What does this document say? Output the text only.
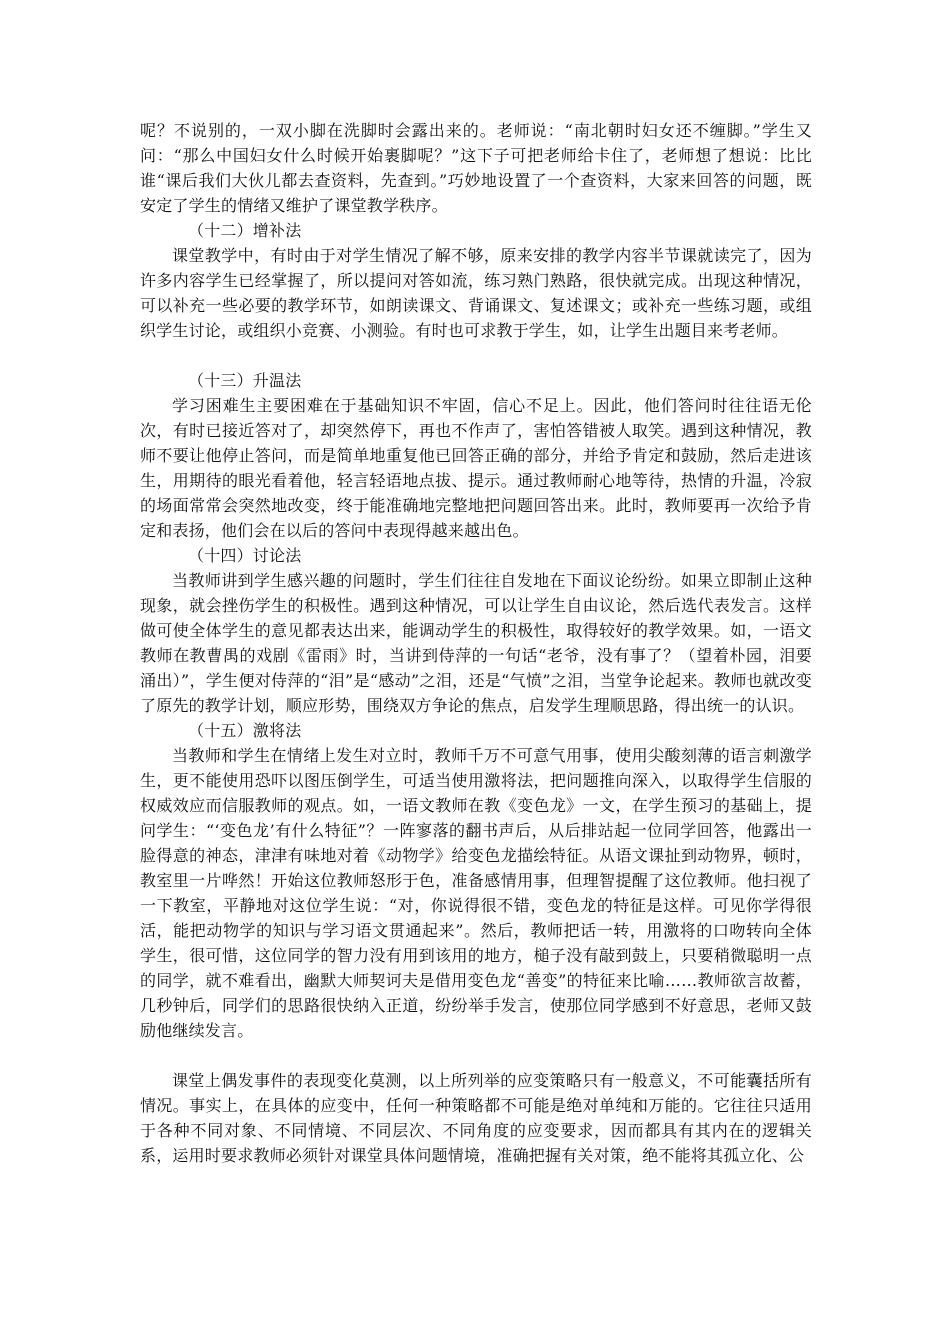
呢？不说别的，一双小脚在洗脚时会露出来的。老师说：“南北朝时妇女还不缠脚。”学生又问：“那么中国妇女什么时候开始裹脚呢？”这下子可把老师给卡住了，老师想了想说：比比谁“课后我们大伙儿都去查资料，先查到。”巧妙地设置了一个查资料，大家来回答的问题，既安定了学生的情绪又维护了课堂教学秩序。

（十二）增补法

课堂教学中，有时由于对学生情况了解不够，原来安排的教学内容半节课就读完了，因为许多内容学生已经掌握了，所以提问对答如流，练习熟门熟路，很快就完成。出现这种情况，可以补充一些必要的教学环节，如朗读课文、背诵课文、复述课文；或补充一些练习题，或组织学生讨论，或组织小竞赛、小测验。有时也可求教于学生，如，让学生出题目来考老师。

（十三）升温法

学习困难生主要困难在于基础知识不牢固，信心不足上。因此，他们答问时往往语无伦次，有时已接近答对了，却突然停下，再也不作声了，害怕答错被人取笑。遇到这种情况，教师不要让他停止答问，而是简单地重复他已回答正确的部分，并给予肯定和鼓励，然后走进该生，用期待的眼光看着他，轻言轻语地点拔、提示。通过教师耐心地等待，热情的升温，冷寂的场面常常会突然地改变，终于能准确地完整地把问题回答出来。此时，教师要再一次给予肯定和表扬，他们会在以后的答问中表现得越来越出色。

（十四）讨论法

当教师讲到学生感兴趣的问题时，学生们往往自发地在下面议论纷纷。如果立即制止这种现象，就会挫伤学生的积极性。遇到这种情况，可以让学生自由议论，然后选代表发言。这样做可使全体学生的意见都表达出来，能调动学生的积极性，取得较好的教学效果。如，一语文教师在教曹禺的戏剧《雷雨》时，当讲到侍萍的一句话“老爷，没有事了？（望着朴园，泪要涌出）”，学生便对侍萍的“泪”是“感动”之泪，还是“气愤”之泪，当堂争论起来。教师也就改变了原先的教学计划，顺应形势，围绕双方争论的焦点，启发学生理顺思路，得出统一的认识。

（十五）激将法

当教师和学生在情绪上发生对立时，教师千万不可意气用事，使用尖酸刻薄的语言刺激学生，更不能使用恐吓以图压倒学生，可适当使用激将法，把问题推向深入，以取得学生信服的权威效应而信服教师的观点。如，一语文教师在教《变色龙》一文，在学生预习的基础上，提问学生：“‘变色龙’有什么特征”？一阵寥落的翻书声后，从后排站起一位同学回答，他露出一脸得意的神态，津津有味地对着《动物学》给变色龙描绘特征。从语文课扯到动物界，顿时，教室里一片哗然！开始这位教师怒形于色，准备感情用事，但理智提醒了这位教师。他扫视了一下教室，平静地对这位学生说：“对，你说得很不错，变色龙的特征是这样。可见你学得很活，能把动物学的知识与学习语文贯通起来”。然后，教师把话一转，用激将的口吻转向全体学生，很可惜，这位同学的智力没有用到该用的地方，槌子没有敲到鼓上，只要稍微聪明一点的同学，就不难看出，幽默大师契诃夫是借用变色龙“善变”的特征来比喻……教师欲言故蓄，几秒钟后，同学们的思路很快纳入正道，纷纷举手发言，使那位同学感到不好意思，老师又鼓励他继续发言。

课堂上偶发事件的表现变化莫测，以上所列举的应变策略只有一般意义，不可能囊括所有情况。事实上，在具体的应变中，任何一种策略都不可能是绝对单纯和万能的。它往往只适用于各种不同对象、不同情境、不同层次、不同角度的应变要求，因而都具有其内在的逻辑关系，运用时要求教师必须针对课堂具体问题情境，准确把握有关对策，绝不能将其孤立化、公
